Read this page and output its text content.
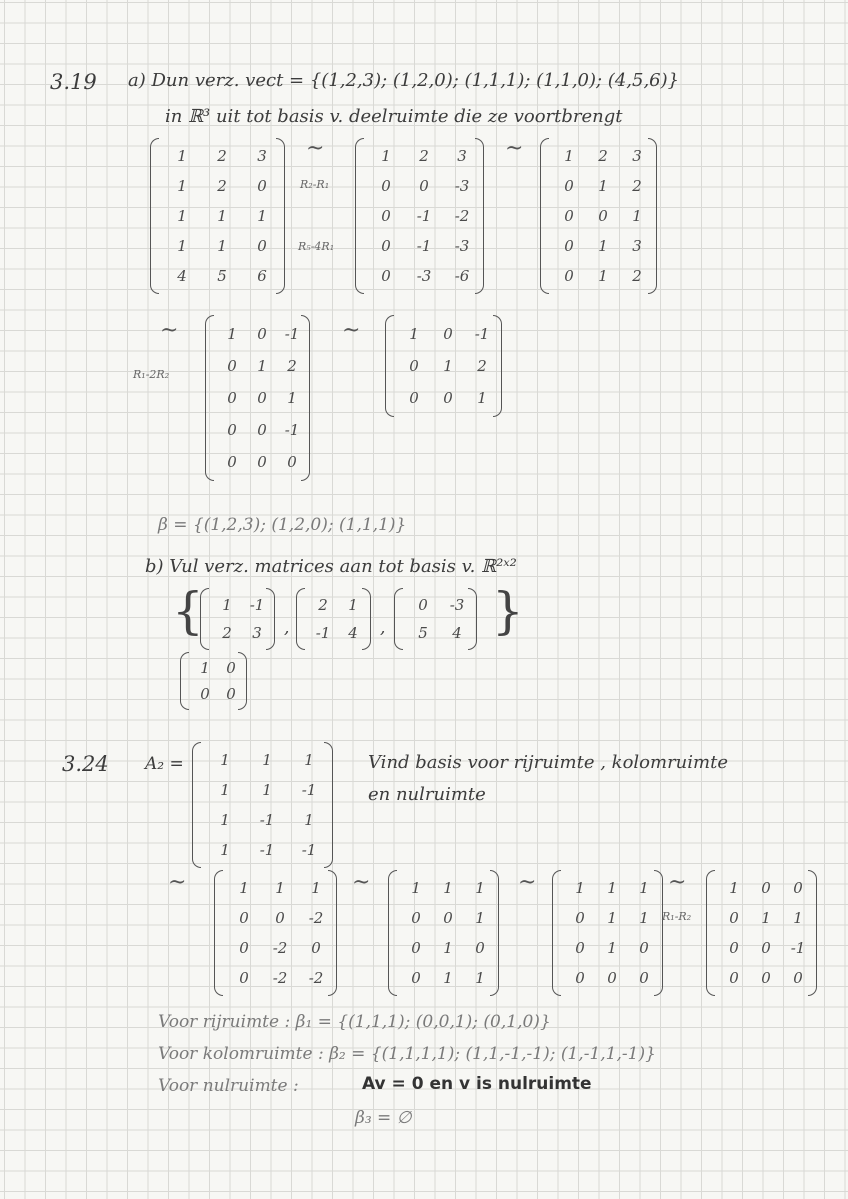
3.19 a) Dun verz. vect = {(1,2,3); (1,2,0); (1,1,1); (1,1,0); (4,5,6)}
in ℝ³ uit tot basis v. deelruimte die ze voortbrengt
1 2 3
1 2 0
1 1 1
1 1 0
4 5 6
~
R₂-R₁
R₅-4R₁
1 2 3
0 0 -3
0 -1 -2
0 -1 -3
0 -3 -6
~	1 2 3
0 1 2
0 0 1
0 1 3
0 1 2
~
R₁-2R₂
1 0 -1
0 1 2
0 0 1
0 0 -1
0 0 0
~	1 0 -1
0 1 2
0 0 1
β = {(1,2,3); (1,2,0); (1,1,1)}
b) Vul verz. matrices aan tot basis v. ℝ²ˣ²
{ 1 -1
2 3 ,
2 1
-1 4 ,
0 -3
5 4 }
1 0
0 0
3.24 A₂ = 1 1 1
1 1 -1
1 -1 1
1 -1 -1
Vind basis voor rijruimte , kolomruimte
en nulruimte
~	1 1 1
0 0 -2
0 -2 0
0 -2 -2
~	1 1 1
0 0 1
0 1 0
0 1 1
~	1 1 1
0 1 1
0 1 0
0 0 0
~
R₁-R₂
1 0 0
0 1 1
0 0 -1
0 0 0
Voor rijruimte : β₁ = {(1,1,1); (0,0,1); (0,1,0)}
Voor kolomruimte : β₂ = {(1,1,1,1); (1,1,-1,-1); (1,-1,1,-1)}
Voor nulruimte :	Av = 0 en v is nulruimte
β₃ = ∅
